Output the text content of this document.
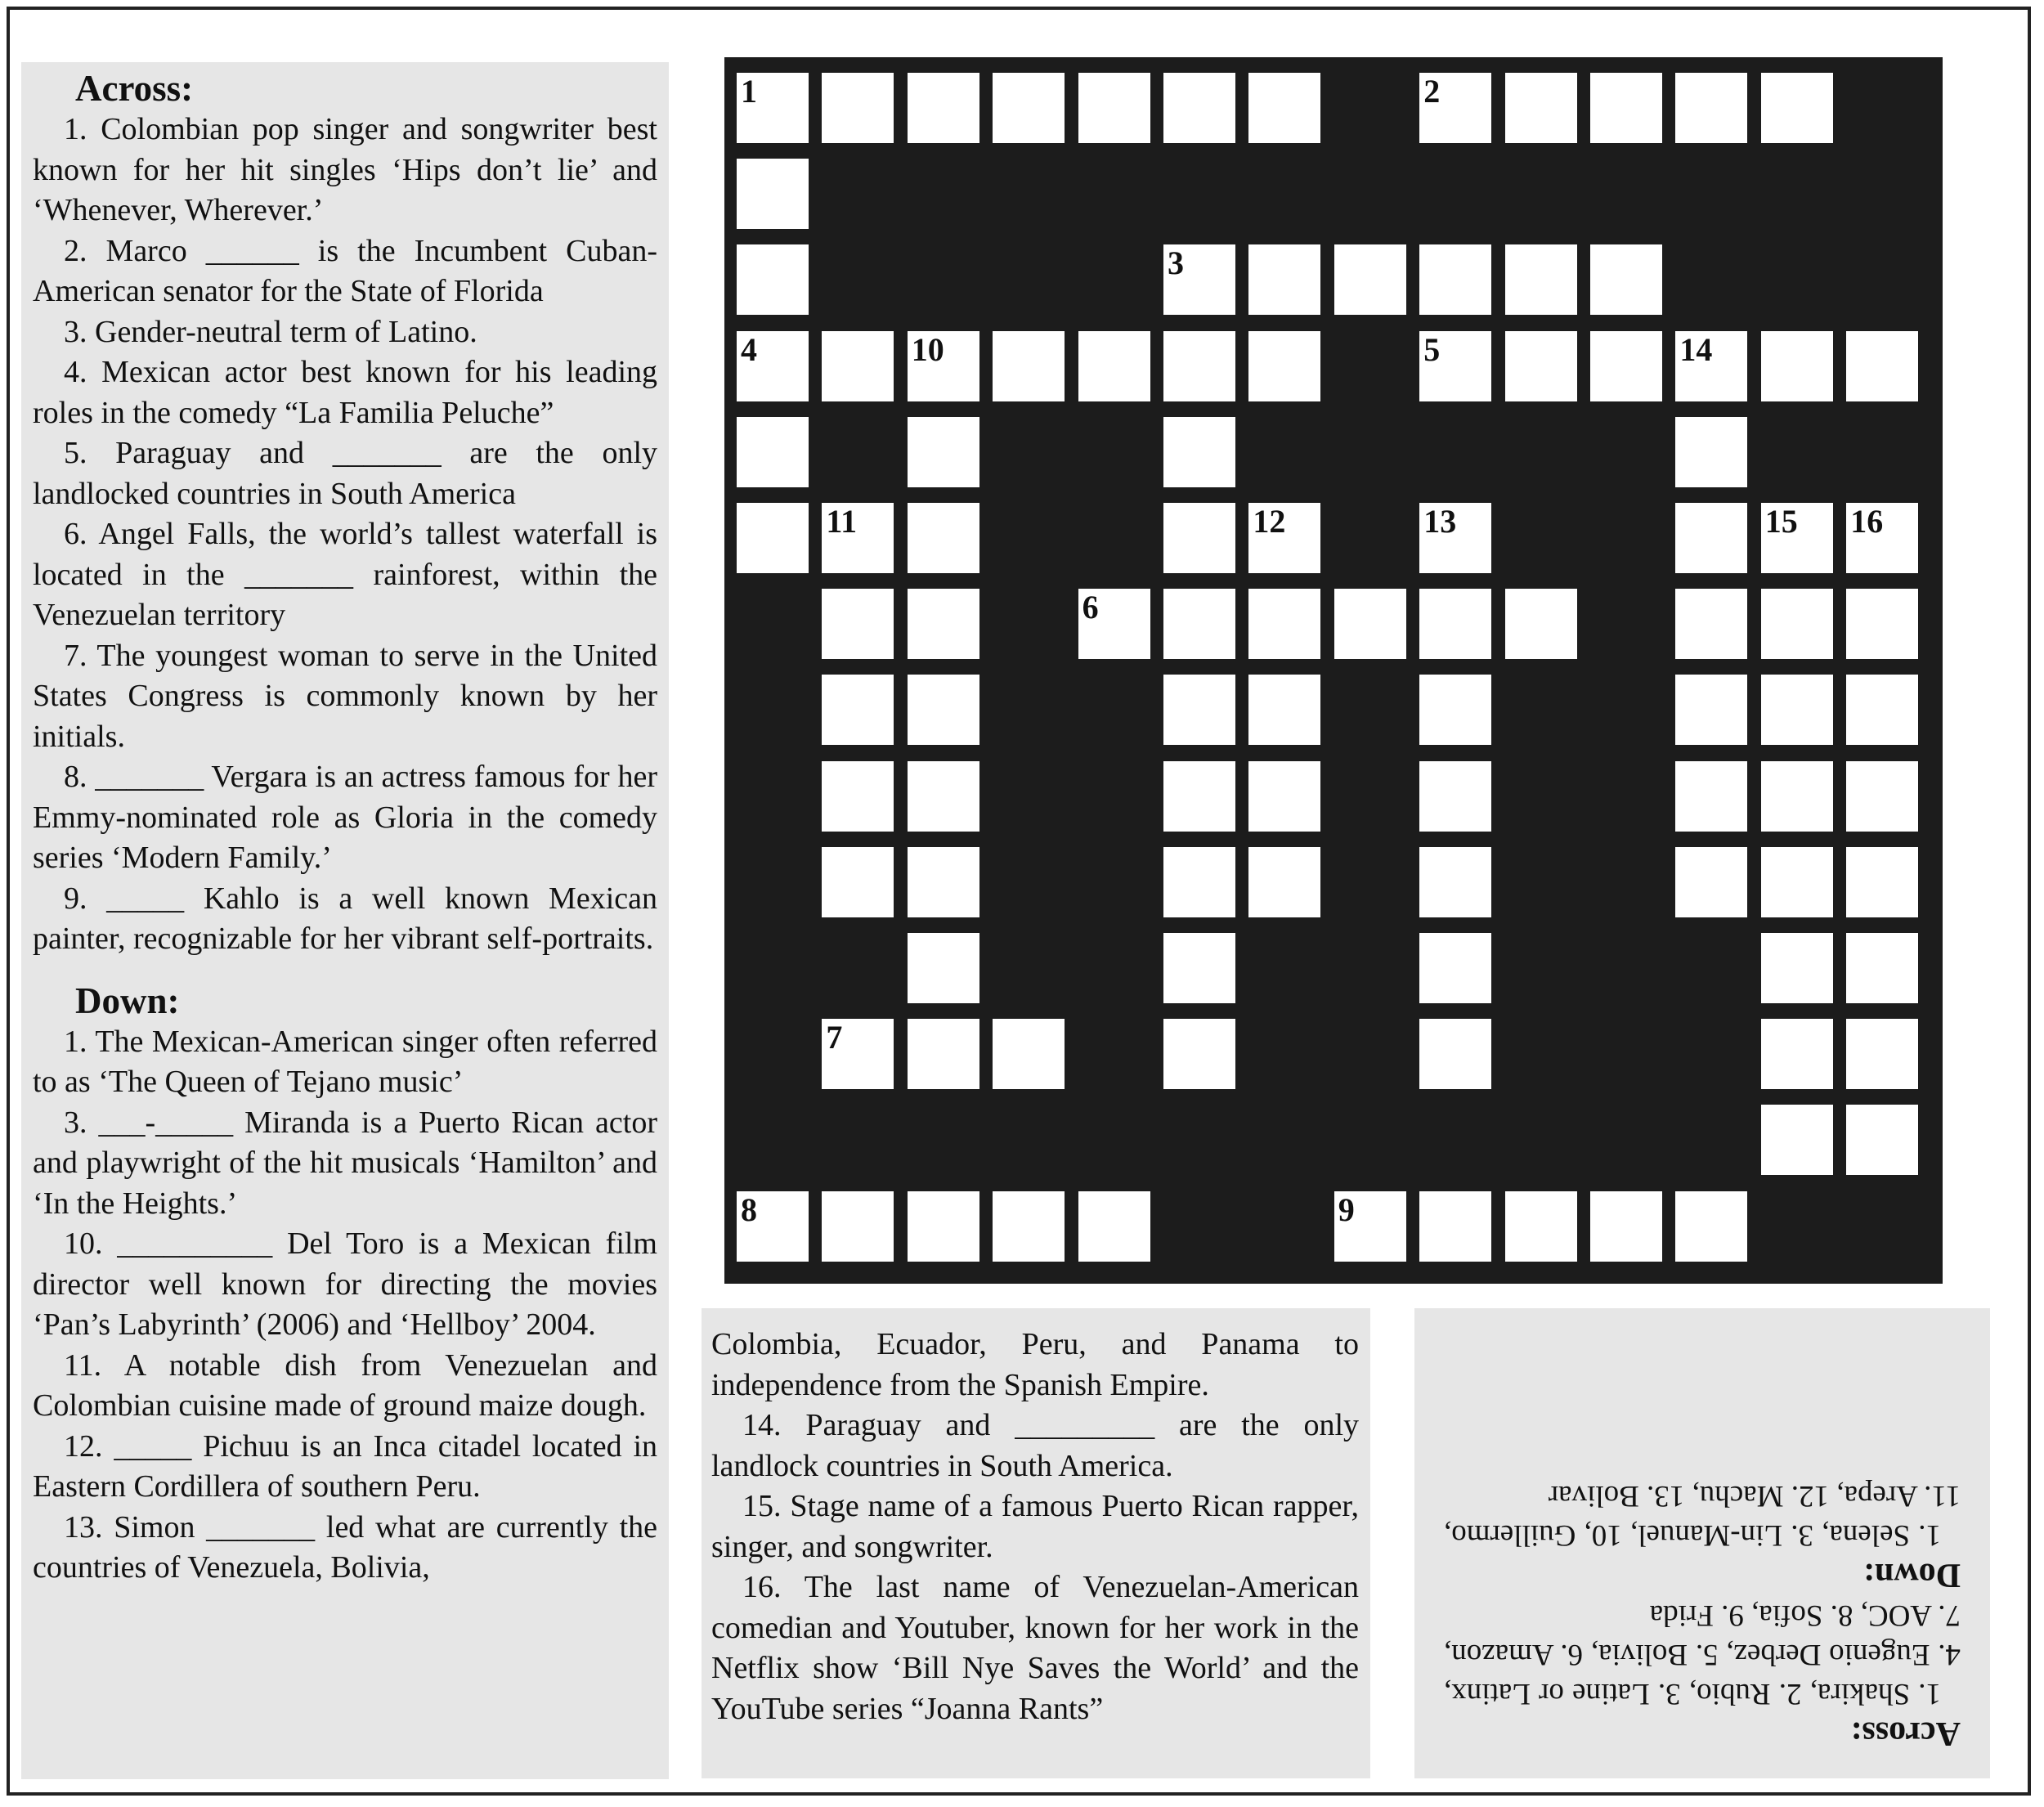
Across:

1. Colombian pop singer and songwriter best known for her hit singles ‘Hips don’t lie’ and ‘Whenever, Wherever.’

2. Marco ______ is the Incumbent Cuban-American senator for the State of Florida

3. Gender-neutral term of Latino.

4. Mexican actor best known for his leading roles in the comedy “La Familia Peluche”

5. Paraguay and _______ are the only landlocked countries in South America

6. Angel Falls, the world’s tallest waterfall is located in the _______ rainforest, within the Venezuelan territory

7. The youngest woman to serve in the United States Congress is commonly known by her initials.

8. _______ Vergara is an actress famous for her Emmy-nominated role as Gloria in the comedy series ‘Modern Family.’

9. _____ Kahlo is a well known Mexican painter, recognizable for her vibrant self-portraits.

Down:

1. The Mexican-American singer often referred to as ‘The Queen of Tejano music’

3. ___-_____ Miranda is a Puerto Rican actor and playwright of the hit musicals ‘Hamilton’ and ‘In the Heights.’

10. __________ Del Toro is a Mexican film director well known for directing the movies ‘Pan’s Labyrinth’ (2006) and ‘Hellboy’ 2004.

11. A notable dish from Venezuelan and Colombian cuisine made of ground maize dough.

12. _____ Pichuu is an Inca citadel located in Eastern Cordillera of southern Peru.

13. Simon _______ led what are currently the countries of Venezuela, Bolivia,

1	2
3
4	10	5	14
11	12	13	15 16
6
7
8	9

Colombia, Ecuador, Peru, and Panama to independence from the Spanish Empire.

14. Paraguay and _________ are the only landlock countries in South America.

15. Stage name of a famous Puerto Rican rapper, singer, and songwriter.

16. The last name of Venezuelan-American comedian and Youtuber, known for her work in the Netflix show ‘Bill Nye Saves the World’ and the YouTube series “Joanna Rants”

Across:

1. Shakira, 2. Rubio, 3. Latine or Latinx, 4. Eugenio Derbez, 5. Bolivia, 6. Amazon, 7. AOC, 8. Sofia, 9. Frida

Down:

1. Selena, 3. Lin-Manuel, 10, Guillermo, 11. Arepa, 12. Machu, 13. Bolivar
